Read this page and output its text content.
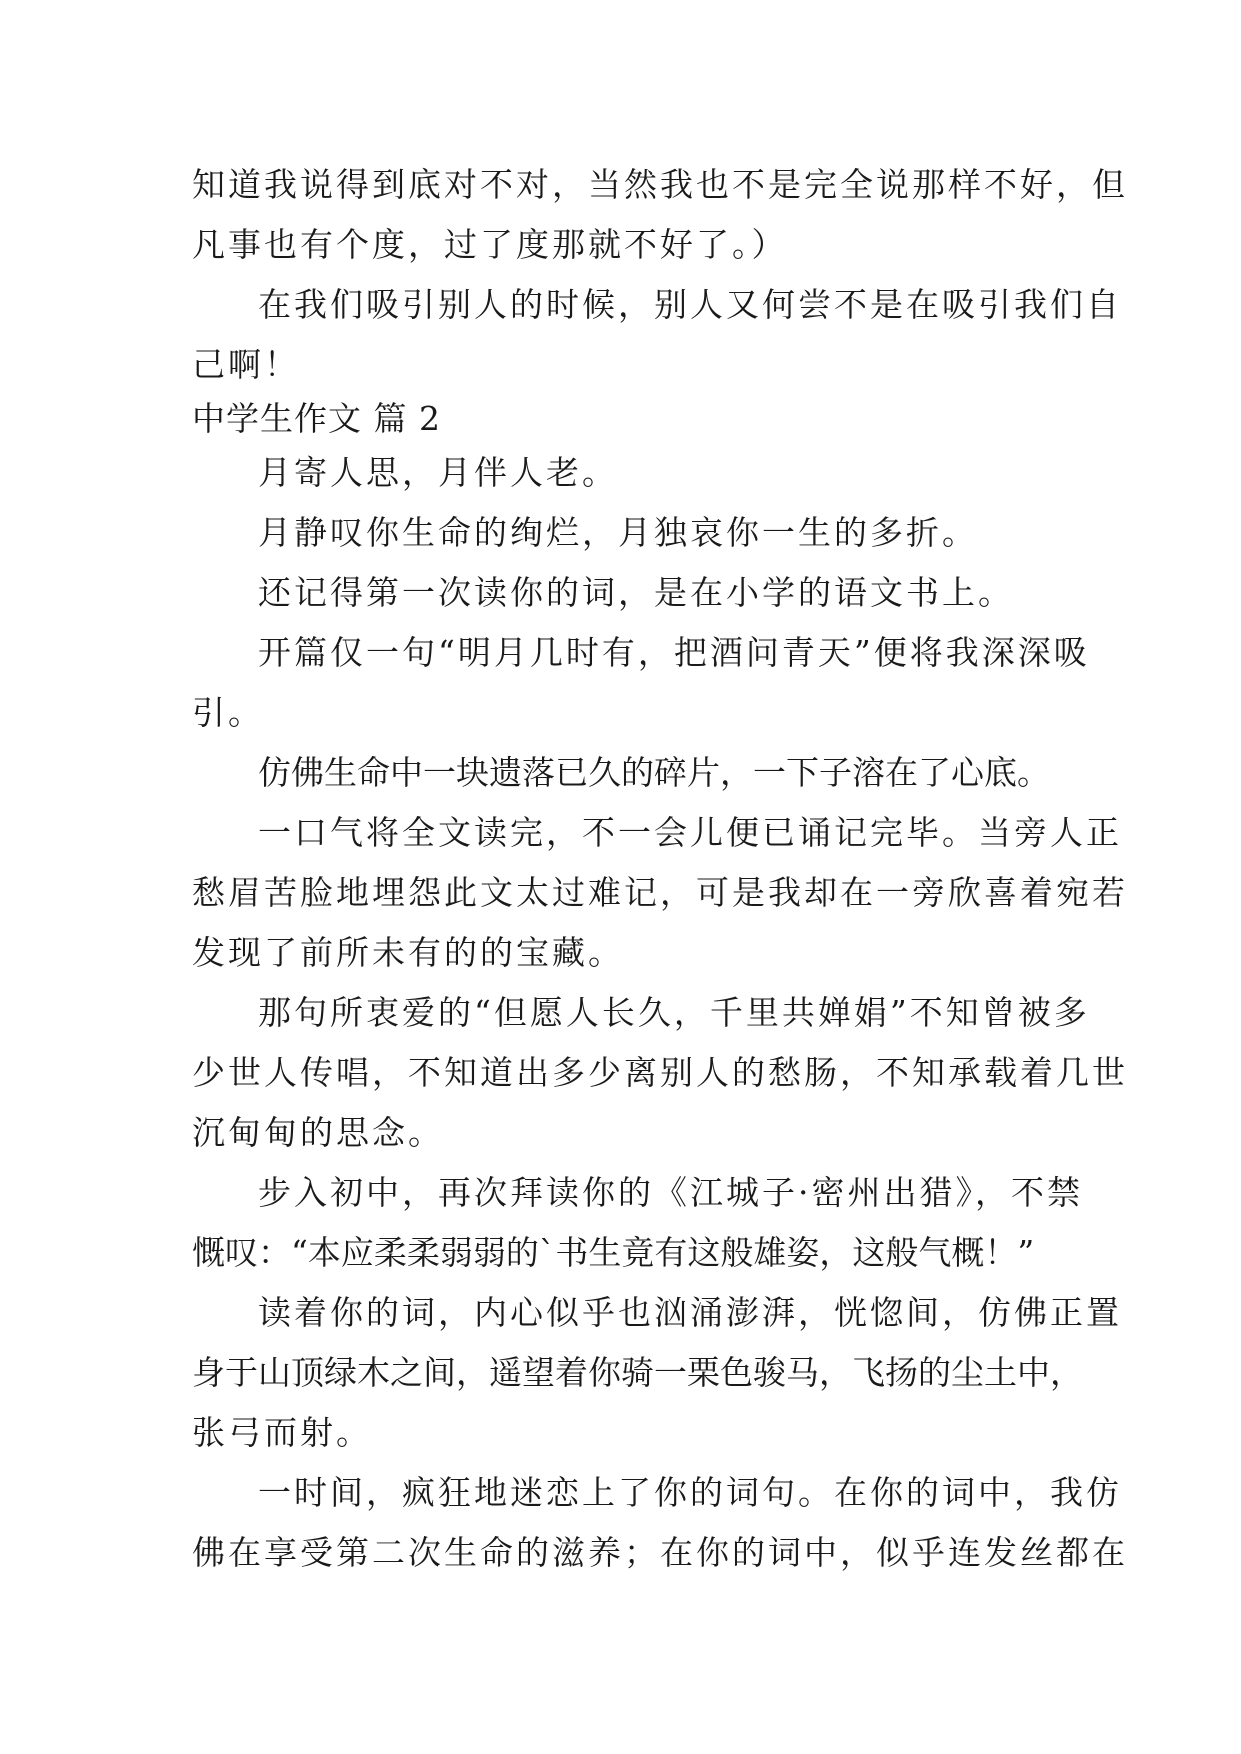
知道我说得到底对不对，当然我也不是完全说那样不好，但
凡事也有个度，过了度那就不好了。）
在我们吸引别人的时候，别人又何尝不是在吸引我们自
己啊！
中学生作文 篇 2
月寄人思，月伴人老。
月静叹你生命的绚烂，月独哀你一生的多折。
还记得第一次读你的词，是在小学的语文书上。
开篇仅一句“明月几时有，把酒问青天”便将我深深吸
引。
仿佛生命中一块遗落已久的碎片，一下子溶在了心底。
一口气将全文读完，不一会儿便已诵记完毕。当旁人正
愁眉苦脸地埋怨此文太过难记，可是我却在一旁欣喜着宛若
发现了前所未有的的宝藏。
那句所衷爱的“但愿人长久，千里共婵娟”不知曾被多
少世人传唱，不知道出多少离别人的愁肠，不知承载着几世
沉甸甸的思念。
步入初中，再次拜读你的《江城子·密州出猎》，不禁
慨叹：“本应柔柔弱弱的`书生竟有这般雄姿，这般气概！”
读着你的词，内心似乎也汹涌澎湃，恍惚间，仿佛正置
身于山顶绿木之间，遥望着你骑一栗色骏马，飞扬的尘土中，
张弓而射。
一时间，疯狂地迷恋上了你的词句。在你的词中，我仿
佛在享受第二次生命的滋养；在你的词中，似乎连发丝都在
